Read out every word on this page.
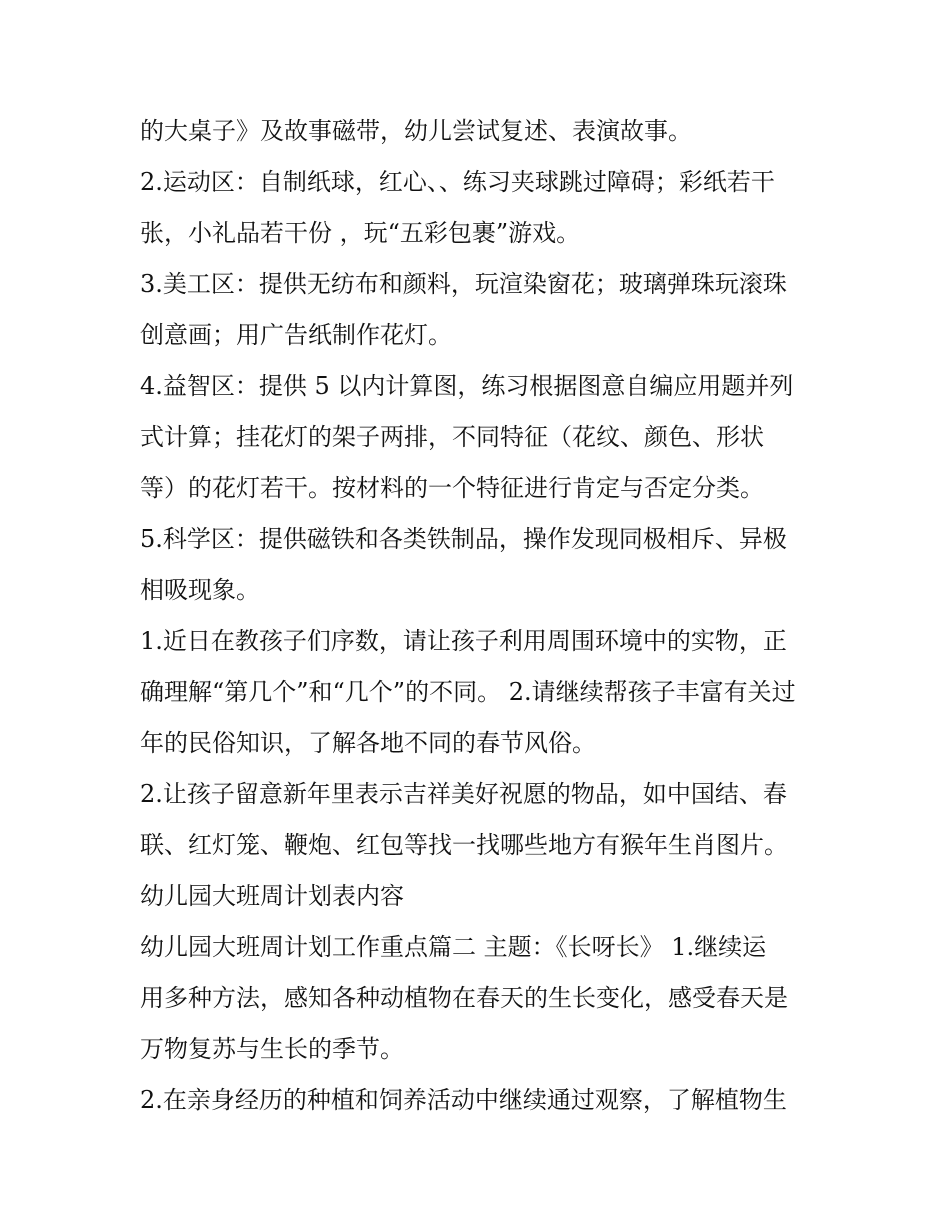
的大桌子》及故事磁带，幼儿尝试复述、表演故事。
2.运动区：自制纸球，红心、、练习夹球跳过障碍；彩纸若干
张，小礼品若干份 ，玩“五彩包裹”游戏。
3.美工区：提供无纺布和颜料，玩渲染窗花；玻璃弹珠玩滚珠
创意画；用广告纸制作花灯。
4.益智区：提供 5 以内计算图，练习根据图意自编应用题并列
式计算；挂花灯的架子两排，不同特征（花纹、颜色、形状
等）的花灯若干。按材料的一个特征进行肯定与否定分类。
5.科学区：提供磁铁和各类铁制品，操作发现同极相斥、异极
相吸现象。
1.近日在教孩子们序数，请让孩子利用周围环境中的实物，正
确理解“第几个”和“几个”的不同。 2.请继续帮孩子丰富有关过
年的民俗知识，了解各地不同的春节风俗。
2.让孩子留意新年里表示吉祥美好祝愿的物品，如中国结、春
联、红灯笼、鞭炮、红包等找一找哪些地方有猴年生肖图片。
幼儿园大班周计划表内容
幼儿园大班周计划工作重点篇二 主题：《长呀长》 1.继续运
用多种方法，感知各种动植物在春天的生长变化，感受春天是
万物复苏与生长的季节。
2.在亲身经历的种植和饲养活动中继续通过观察，了解植物生
